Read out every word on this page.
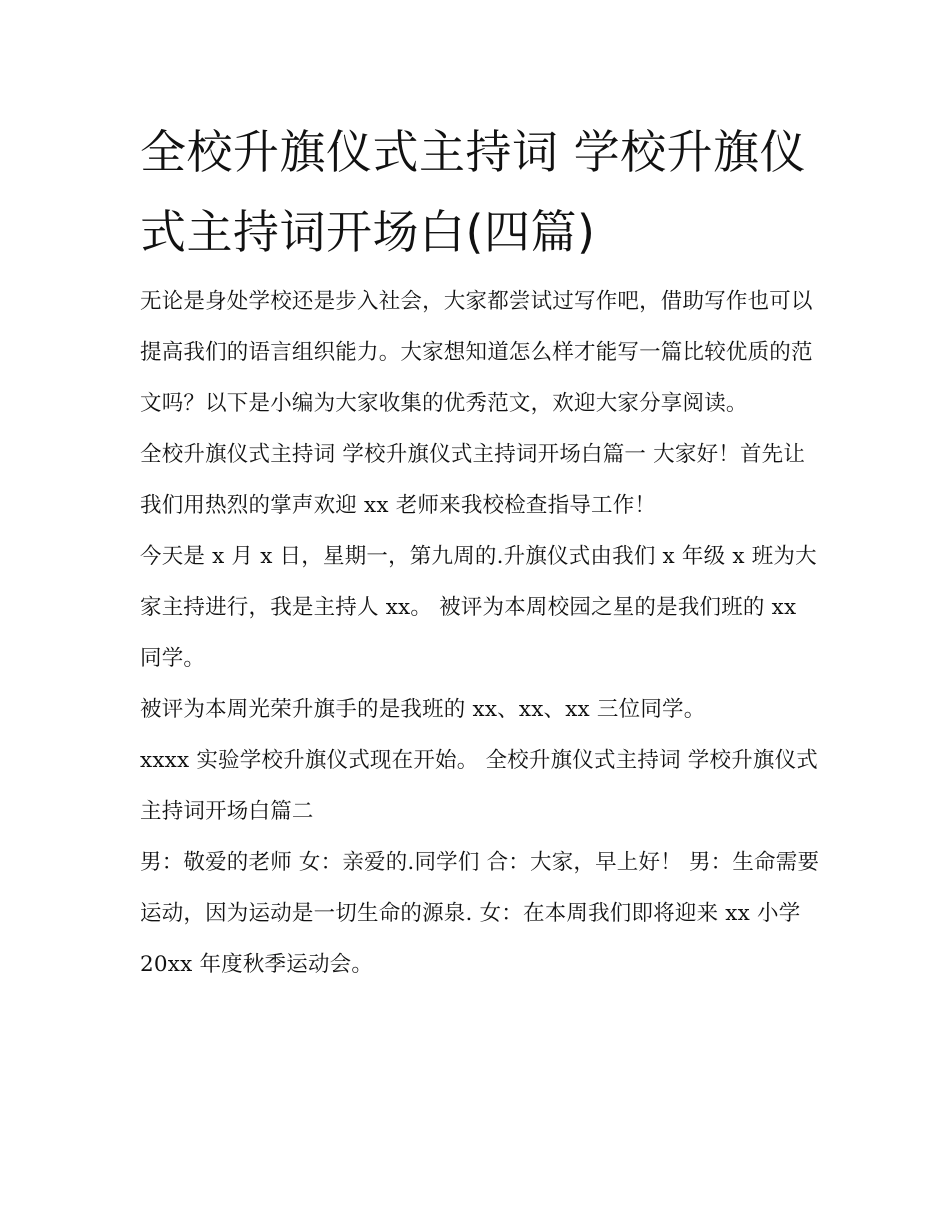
全校升旗仪式主持词 学校升旗仪式主持词开场白(四篇)

无论是身处学校还是步入社会，大家都尝试过写作吧，借助写作也可以提高我们的语言组织能力。大家想知道怎么样才能写一篇比较优质的范文吗？以下是小编为大家收集的优秀范文，欢迎大家分享阅读。

全校升旗仪式主持词 学校升旗仪式主持词开场白篇一 大家好！首先让我们用热烈的掌声欢迎 xx 老师来我校检查指导工作！

今天是 x 月 x 日，星期一，第九周的.升旗仪式由我们 x 年级 x 班为大家主持进行，我是主持人 xx。 被评为本周校园之星的是我们班的 xx 同学。

被评为本周光荣升旗手的是我班的 xx、xx、xx 三位同学。

xxxx 实验学校升旗仪式现在开始。 全校升旗仪式主持词 学校升旗仪式主持词开场白篇二

男：敬爱的老师 女：亲爱的.同学们 合：大家，早上好！ 男：生命需要运动，因为运动是一切生命的源泉. 女：在本周我们即将迎来 xx 小学 20xx 年度秋季运动会。
